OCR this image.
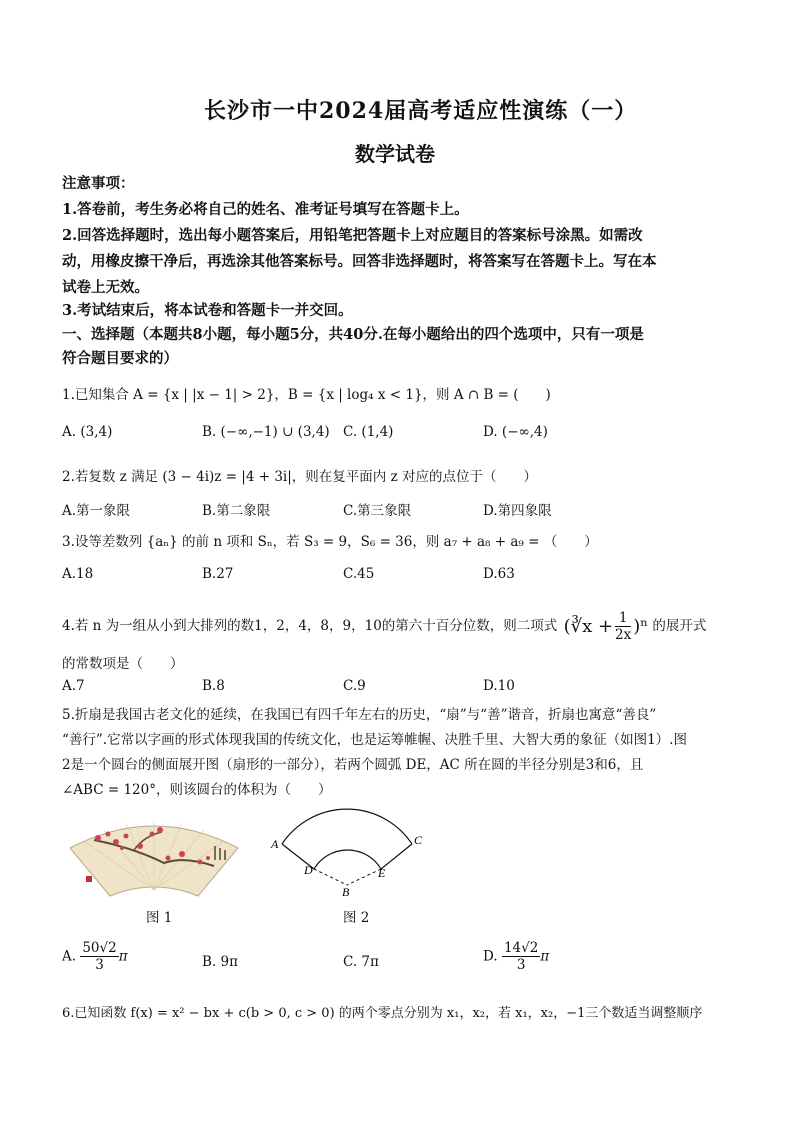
长沙市一中2024届高考适应性演练（一）
数学试卷
注意事项：
1.答卷前，考生务必将自己的姓名、准考证号填写在答题卡上。
2.回答选择题时，选出每小题答案后，用铅笔把答题卡上对应题目的答案标号涂黑。如需改
动，用橡皮擦干净后，再选涂其他答案标号。回答非选择题时，将答案写在答题卡上。写在本
试卷上无效。
3.考试结束后，将本试卷和答题卡一并交回。
一、选择题（本题共8小题，每小题5分，共40分.在每小题给出的四个选项中，只有一项是
符合题目要求的）
1.已知集合 A = {x | |x − 1| > 2}，B = {x | log₄ x < 1}，则 A ∩ B = (　　)
A. (3,4)	B. (−∞,−1) ∪ (3,4) C. (1,4)	D. (−∞,4)
2.若复数 z 满足 (3 − 4i)z = |4 + 3i|，则在复平面内 z 对应的点位于（　　）
A.第一象限	B.第二象限	C.第三象限	D.第四象限
3.设等差数列 {aₙ} 的前 n 项和 Sₙ，若 S₃ = 9，S₆ = 36，则 a₇ + a₈ + a₉ = （　　）
A.18	B.27	C.45	D.63
4.若 n 为一组从小到大排列的数1，2，4，8，9，10的第六十百分位数，则二项式 (∛x + $\frac{1}{2x} )^n$ 的展开式
的常数项是（　　）
A.7	B.8	C.9	D.10
5.折扇是我国古老文化的延续，在我国已有四千年左右的历史，“扇”与“善”谐音，折扇也寓意“善良”
“善行”.它常以字画的形式体现我国的传统文化，也是运筹帷幄、决胜千里、大智大勇的象征（如图1）.图
2是一个圆台的侧面展开图（扇形的一部分），若两个圆弧 DE，AC 所在圆的半径分别是3和6，且
∠ABC = 120°，则该圆台的体积为（　　）
图 1
A	C
D	E
B
图 2
A. $\frac{50√2}{3}$ π	B. 9π	C. 7π	D. $\frac{14√2}{3}$ π
6.已知函数 f(x) = x² − bx + c(b > 0, c > 0) 的两个零点分别为 x₁，x₂，若 x₁，x₂，−1三个数适当调整顺序
